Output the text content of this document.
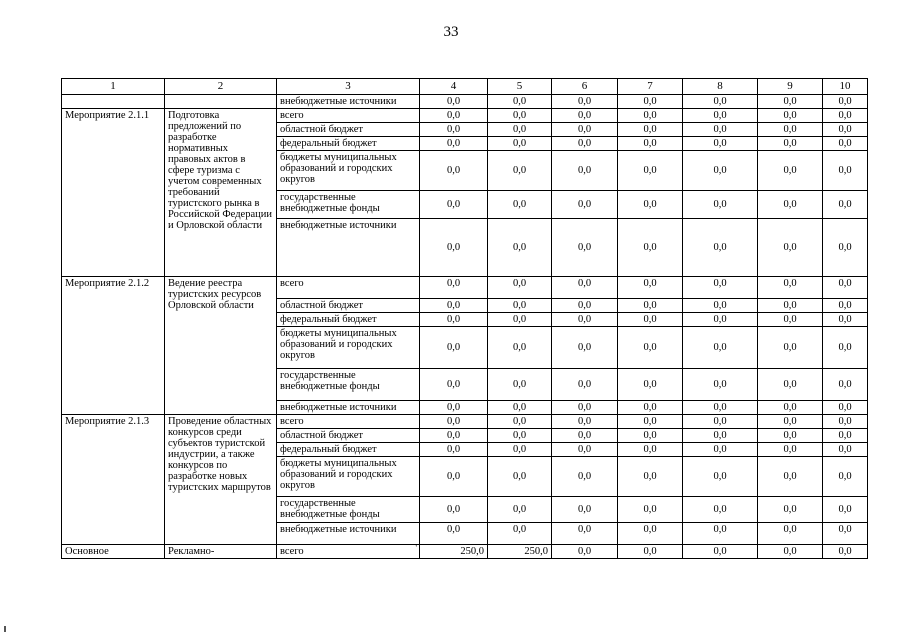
33
1	2	3	4	5	6	7	8	9	10
		внебюджетные источники	0,0	0,0	0,0	0,0	0,0	0,0	0,0
Мероприятие 2.1.1	Подготовка предложений по разработке нормативных правовых актов в сфере туризма с учетом современных требований туристского рынка в Российской Федерации и Орловской области	всего	0,0	0,0	0,0	0,0	0,0	0,0	0,0
		областной бюджет	0,0	0,0	0,0	0,0	0,0	0,0	0,0
		федеральный бюджет	0,0	0,0	0,0	0,0	0,0	0,0	0,0
		бюджеты муниципальных образований и городских округов	0,0	0,0	0,0	0,0	0,0	0,0	0,0
		государственные внебюджетные фонды	0,0	0,0	0,0	0,0	0,0	0,0	0,0
		внебюджетные источники	0,0	0,0	0,0	0,0	0,0	0,0	0,0
Мероприятие 2.1.2	Ведение реестра туристских ресурсов Орловской области	всего	0,0	0,0	0,0	0,0	0,0	0,0	0,0
		областной бюджет	0,0	0,0	0,0	0,0	0,0	0,0	0,0
		федеральный бюджет	0,0	0,0	0,0	0,0	0,0	0,0	0,0
		бюджеты муниципальных образований и городских округов	0,0	0,0	0,0	0,0	0,0	0,0	0,0
		государственные внебюджетные фонды	0,0	0,0	0,0	0,0	0,0	0,0	0,0
		внебюджетные источники	0,0	0,0	0,0	0,0	0,0	0,0	0,0
Мероприятие 2.1.3	Проведение областных конкурсов среди субъектов туристской индустрии, а также конкурсов по разработке новых туристских маршрутов	всего	0,0	0,0	0,0	0,0	0,0	0,0	0,0
		областной бюджет	0,0	0,0	0,0	0,0	0,0	0,0	0,0
		федеральный бюджет	0,0	0,0	0,0	0,0	0,0	0,0	0,0
		бюджеты муниципальных образований и городских округов	0,0	0,0	0,0	0,0	0,0	0,0	0,0
		государственные внебюджетные фонды	0,0	0,0	0,0	0,0	0,0	0,0	0,0
		внебюджетные источники	0,0	0,0	0,0	0,0	0,0	0,0	0,0
Основное	Рекламно-	всего '	250,0	250,0	0,0	0,0	0,0	0,0	0,0
